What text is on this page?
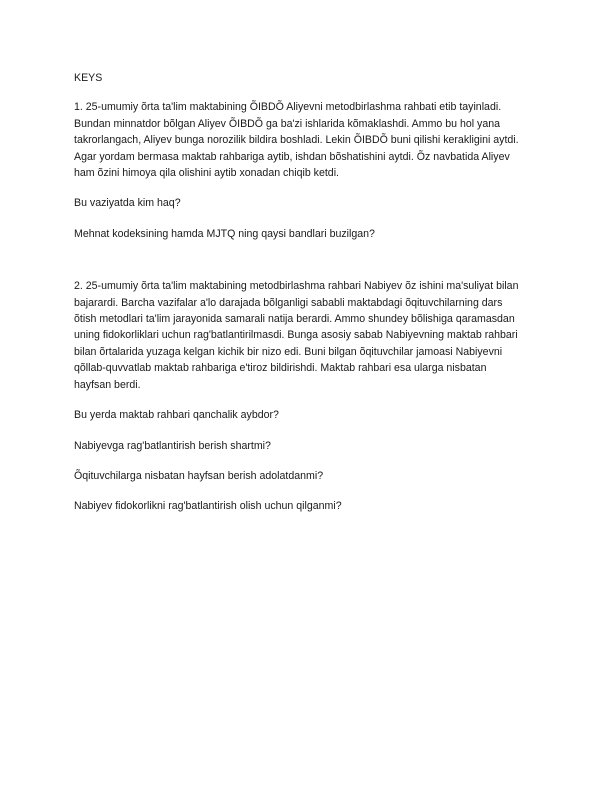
KEYS

1. 25-umumiy õrta ta'lim maktabining ÕIBDÕ Aliyevni metodbirlashma rahbati etib tayinladi.
Bundan minnatdor bõlgan Aliyev ÕIBDÕ ga ba'zi ishlarida kõmaklashdi. Ammo bu hol yana
takrorlangach, Aliyev bunga norozilik bildira boshladi. Lekin ÕIBDÕ buni qilishi kerakligini aytdi.
Agar yordam bermasa maktab rahbariga aytib, ishdan bõshatishini aytdi. Õz navbatida Aliyev
ham õzini himoya qila olishini aytib xonadan chiqib ketdi.

Bu vaziyatda kim haq?

Mehnat kodeksining hamda MJTQ ning qaysi bandlari buzilgan?

2. 25-umumiy õrta ta'lim maktabining metodbirlashma rahbari Nabiyev õz ishini ma'suliyat bilan
bajarardi. Barcha vazifalar a'lo darajada bõlganligi sababli maktabdagi õqituvchilarning dars
õtish metodlari ta'lim jarayonida samarali natija berardi. Ammo shundey bõlishiga qaramasdan
uning fidokorliklari uchun rag'batlantirilmasdi. Bunga asosiy sabab Nabiyevning maktab rahbari
bilan õrtalarida yuzaga kelgan kichik bir nizo edi. Buni bilgan õqituvchilar jamoasi Nabiyevni
qõllab-quvvatlab maktab rahbariga e'tiroz bildirishdi. Maktab rahbari esa ularga nisbatan
hayfsan berdi.

Bu yerda maktab rahbari qanchalik aybdor?

Nabiyevga rag'batlantirish berish shartmi?

Õqituvchilarga nisbatan hayfsan berish adolatdanmi?

Nabiyev fidokorlikni rag'batlantirish olish uchun qilganmi?
